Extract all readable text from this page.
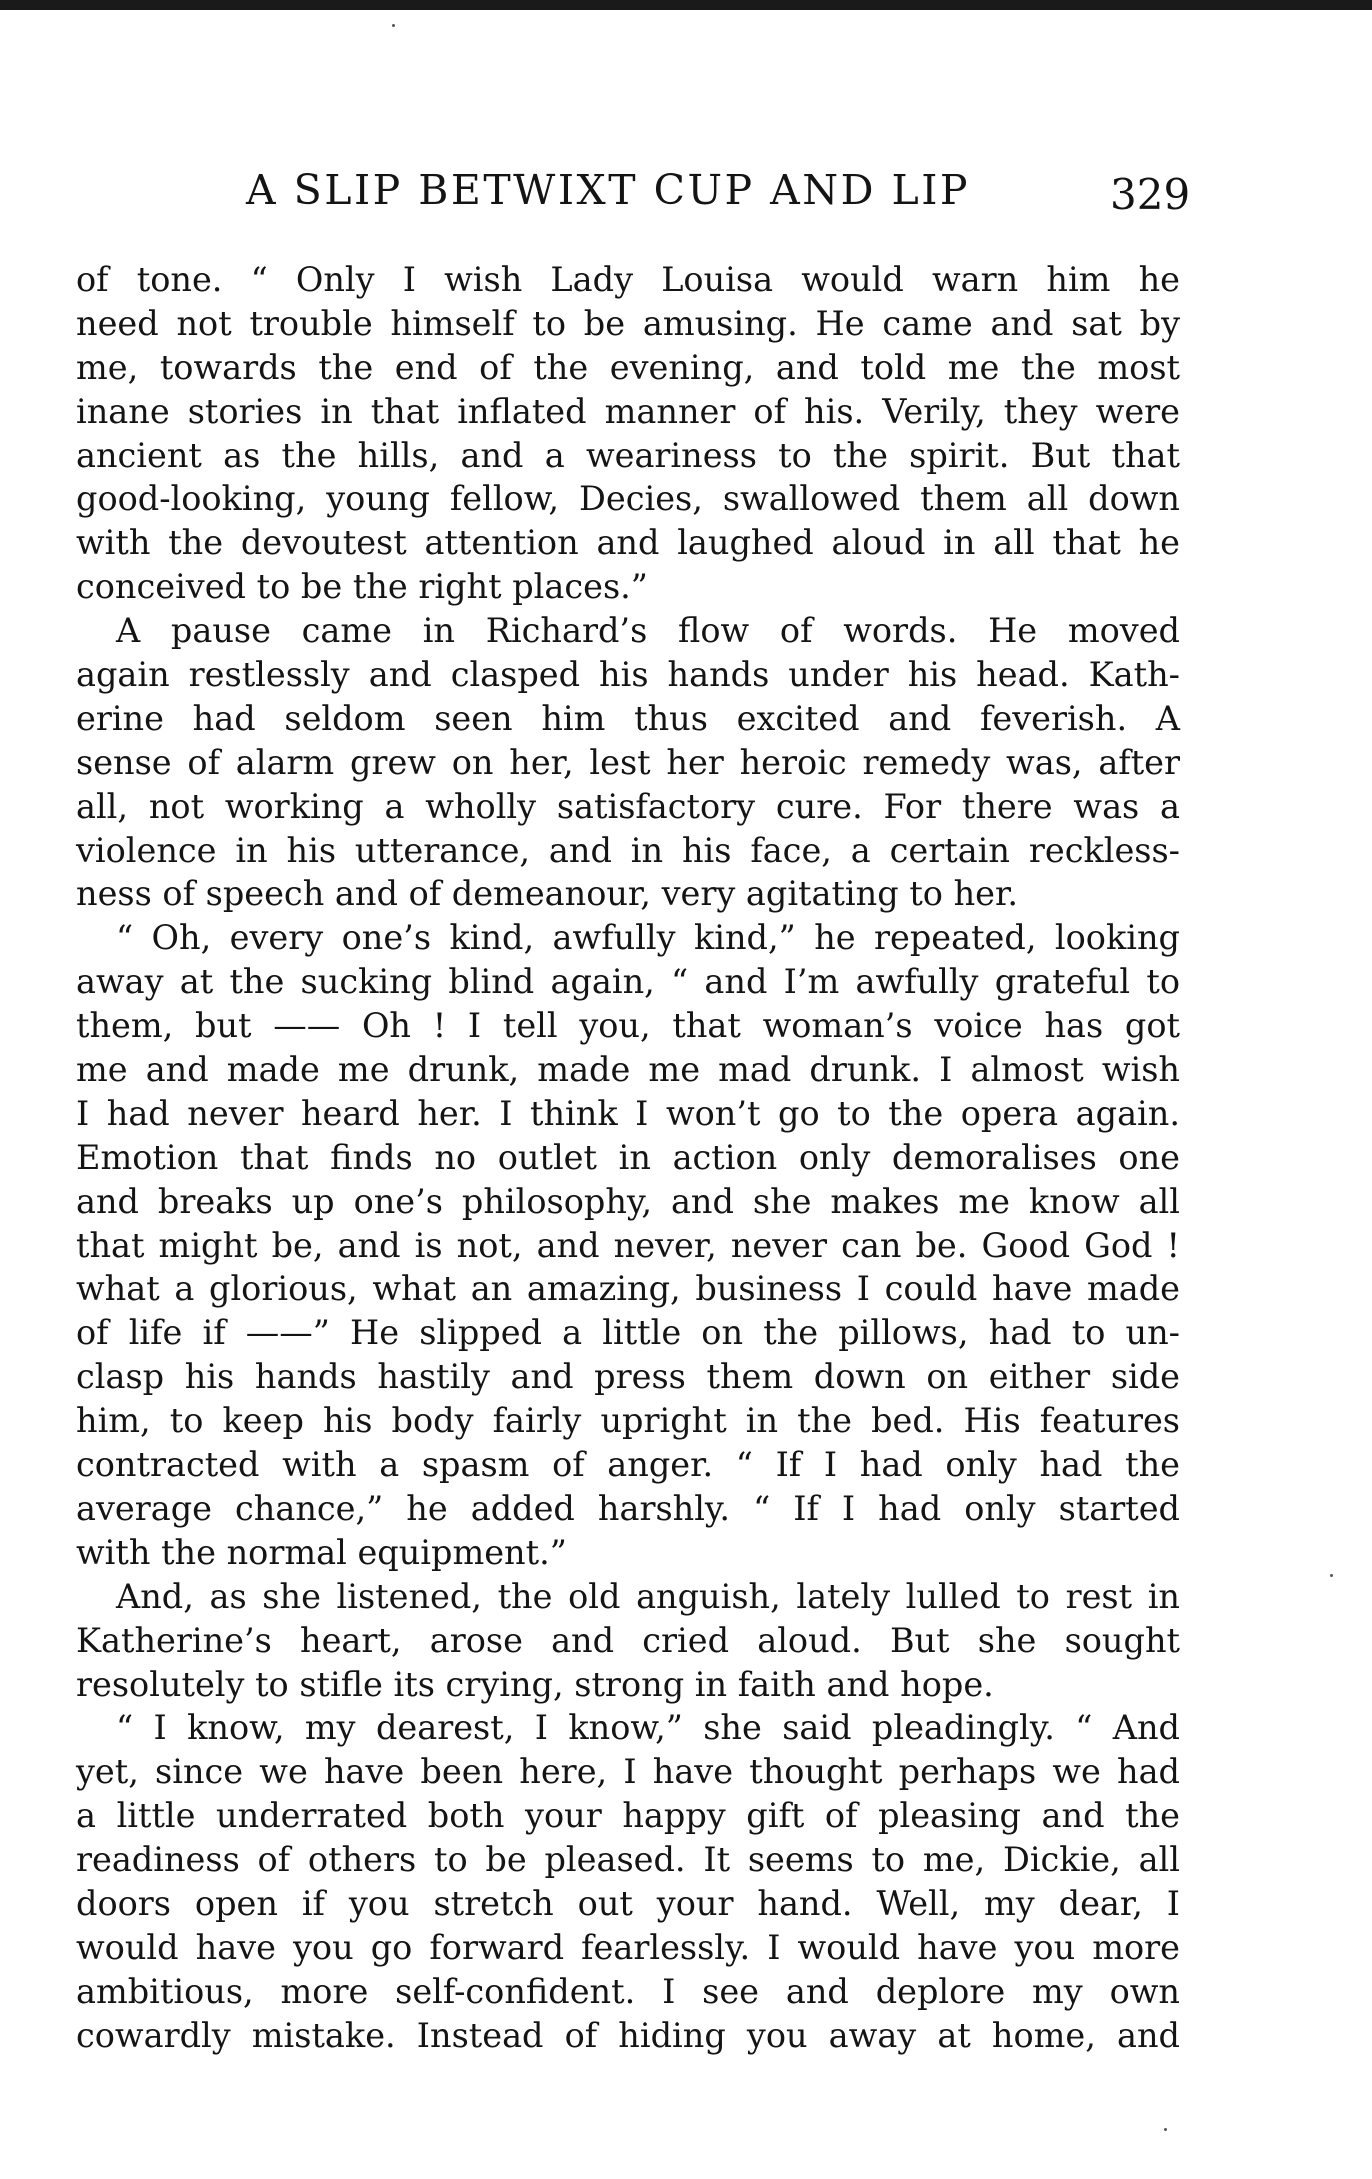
A SLIP BETWIXT CUP AND LIP	329
of tone. “ Only I wish Lady Louisa would warn him he
need not trouble himself to be amusing. He came and sat by
me, towards the end of the evening, and told me the most
inane stories in that inflated manner of his. Verily, they were
ancient as the hills, and a weariness to the spirit. But that
good-looking, young fellow, Decies, swallowed them all down
with the devoutest attention and laughed aloud in all that he
conceived to be the right places.”
A pause came in Richard’s flow of words. He moved
again restlessly and clasped his hands under his head. Kath-
erine had seldom seen him thus excited and feverish. A
sense of alarm grew on her, lest her heroic remedy was, after
all, not working a wholly satisfactory cure. For there was a
violence in his utterance, and in his face, a certain reckless-
ness of speech and of demeanour, very agitating to her.
“ Oh, every one’s kind, awfully kind,” he repeated, looking
away at the sucking blind again, “ and I’m awfully grateful to
them, but —— Oh ! I tell you, that woman’s voice has got
me and made me drunk, made me mad drunk. I almost wish
I had never heard her. I think I won’t go to the opera again.
Emotion that finds no outlet in action only demoralises one
and breaks up one’s philosophy, and she makes me know all
that might be, and is not, and never, never can be. Good God !
what a glorious, what an amazing, business I could have made
of life if ——” He slipped a little on the pillows, had to un-
clasp his hands hastily and press them down on either side
him, to keep his body fairly upright in the bed. His features
contracted with a spasm of anger. “ If I had only had the
average chance,” he added harshly. “ If I had only started
with the normal equipment.”
And, as she listened, the old anguish, lately lulled to rest in
Katherine’s heart, arose and cried aloud. But she sought
resolutely to stifle its crying, strong in faith and hope.
“ I know, my dearest, I know,” she said pleadingly. “ And
yet, since we have been here, I have thought perhaps we had
a little underrated both your happy gift of pleasing and the
readiness of others to be pleased. It seems to me, Dickie, all
doors open if you stretch out your hand. Well, my dear, I
would have you go forward fearlessly. I would have you more
ambitious, more self-confident. I see and deplore my own
cowardly mistake. Instead of hiding you away at home, and
